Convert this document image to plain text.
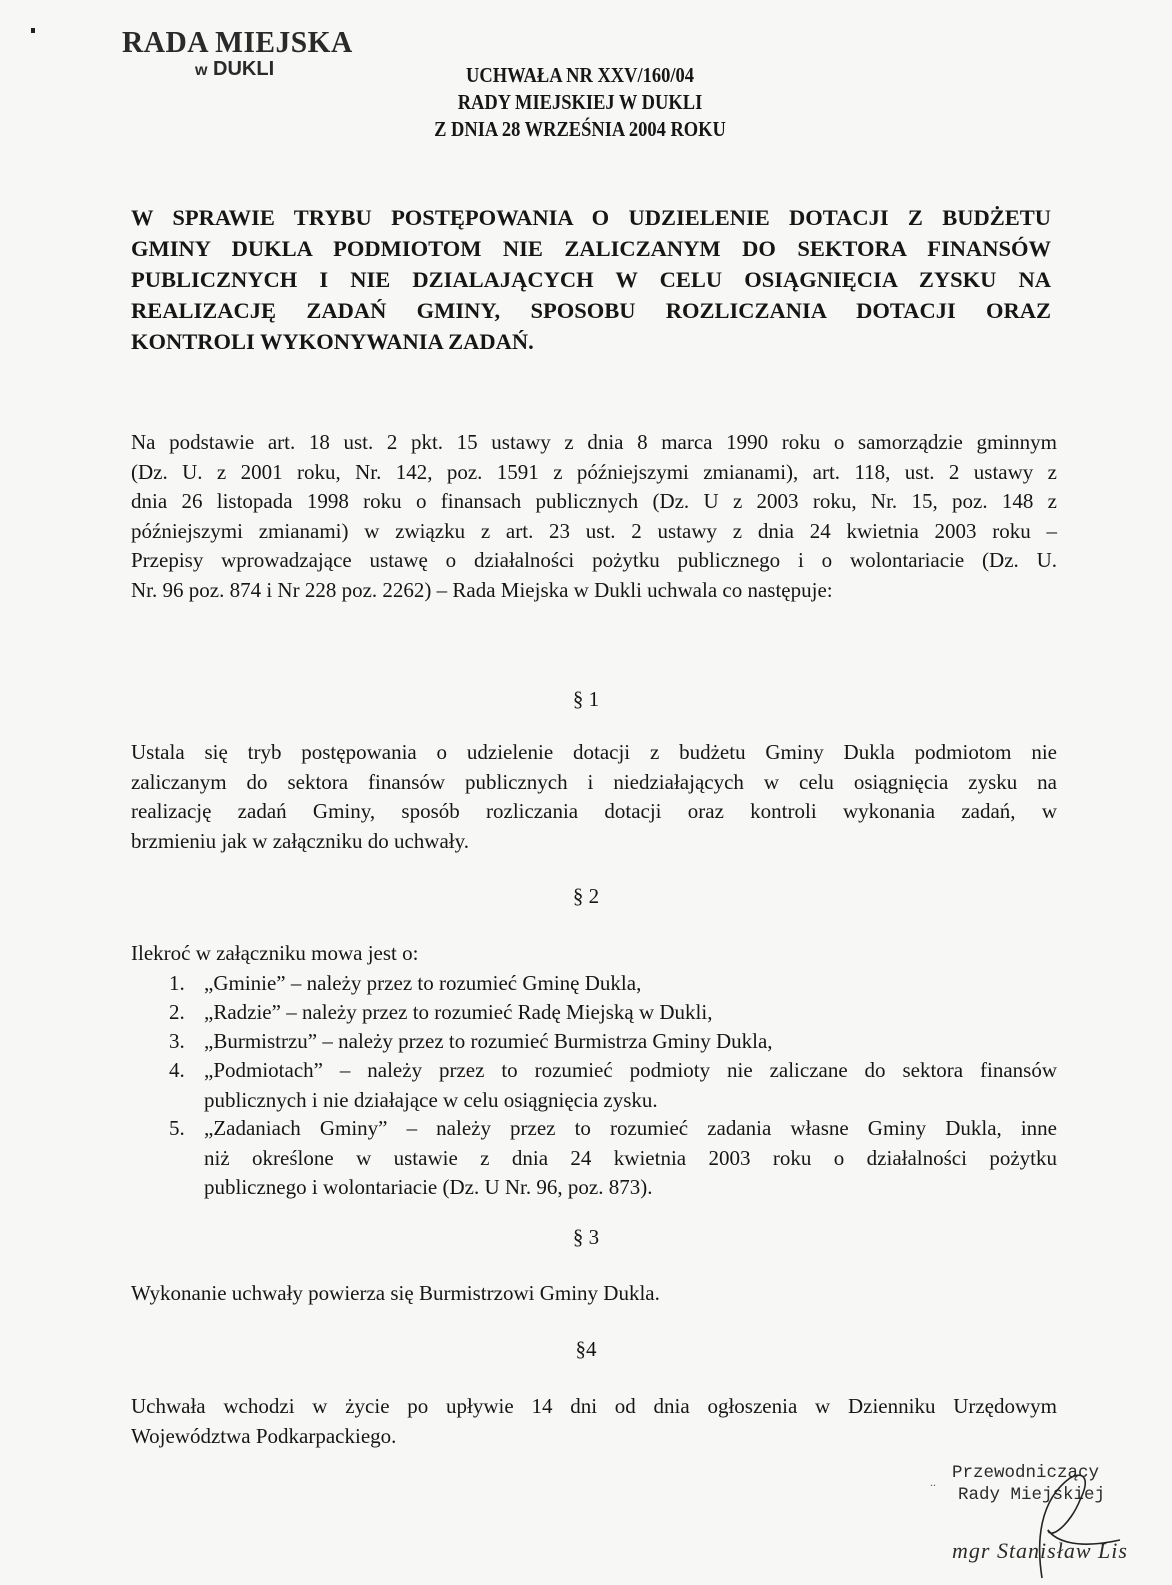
RADA MIEJSKA
w DUKLI	UCHWAŁA NR XXV/160/04
RADY MIEJSKIEJ W DUKLI
Z DNIA 28 WRZEŚNIA 2004 ROKU

W SPRAWIE TRYBU POSTĘPOWANIA O UDZIELENIE DOTACJI Z BUDŻETU

GMINY DUKLA PODMIOTOM NIE ZALICZANYM DO SEKTORA FINANSÓW

PUBLICZNYCH I NIE DZIALAJĄCYCH W CELU OSIĄGNIĘCIA ZYSKU NA

REALIZACJĘ ZADAŃ GMINY, SPOSOBU ROZLICZANIA DOTACJI ORAZ

KONTROLI WYKONYWANIA ZADAŃ.

Na podstawie art. 18 ust. 2 pkt. 15 ustawy z dnia 8 marca 1990 roku o samorządzie gminnym
(Dz. U. z 2001 roku, Nr. 142, poz. 1591 z późniejszymi zmianami), art. 118, ust. 2 ustawy z
dnia 26 listopada 1998 roku o finansach publicznych (Dz. U z 2003 roku, Nr. 15, poz. 148 z
późniejszymi zmianami) w związku z art. 23 ust. 2 ustawy z dnia 24 kwietnia 2003 roku –
Przepisy wprowadzające ustawę o działalności pożytku publicznego i o wolontariacie (Dz. U.
Nr. 96 poz. 874 i Nr 228 poz. 2262) – Rada Miejska w Dukli uchwala co następuje:
§ 1
Ustala się tryb postępowania o udzielenie dotacji z budżetu Gminy Dukla podmiotom nie
zaliczanym do sektora finansów publicznych i niedziałających w celu osiągnięcia zysku na
realizację zadań Gminy, sposób rozliczania dotacji oraz kontroli wykonania zadań, w
brzmieniu jak w załączniku do uchwały.
§ 2
Ilekroć w załączniku mowa jest o:
1. „Gminie” – należy przez to rozumieć Gminę Dukla,
2. „Radzie” – należy przez to rozumieć Radę Miejską w Dukli,
3. „Burmistrzu” – należy przez to rozumieć Burmistrza Gminy Dukla,
4. „Podmiotach” – należy przez to rozumieć podmioty nie zaliczane do sektora finansów
publicznych i nie działające w celu osiągnięcia zysku.
5. „Zadaniach Gminy” – należy przez to rozumieć zadania własne Gminy Dukla, inne
niż określone w ustawie z dnia 24 kwietnia 2003 roku o działalności pożytku
publicznego i wolontariacie (Dz. U Nr. 96, poz. 873).
§ 3
Wykonanie uchwały powierza się Burmistrzowi Gminy Dukla.
§4
Uchwała wchodzi w życie po upływie 14 dni od dnia ogłoszenia w Dzienniku Urzędowym
Województwa Podkarpackiego.
.. Przewodniczący
Rady Miejskiej
mgr Stanisław Lis
